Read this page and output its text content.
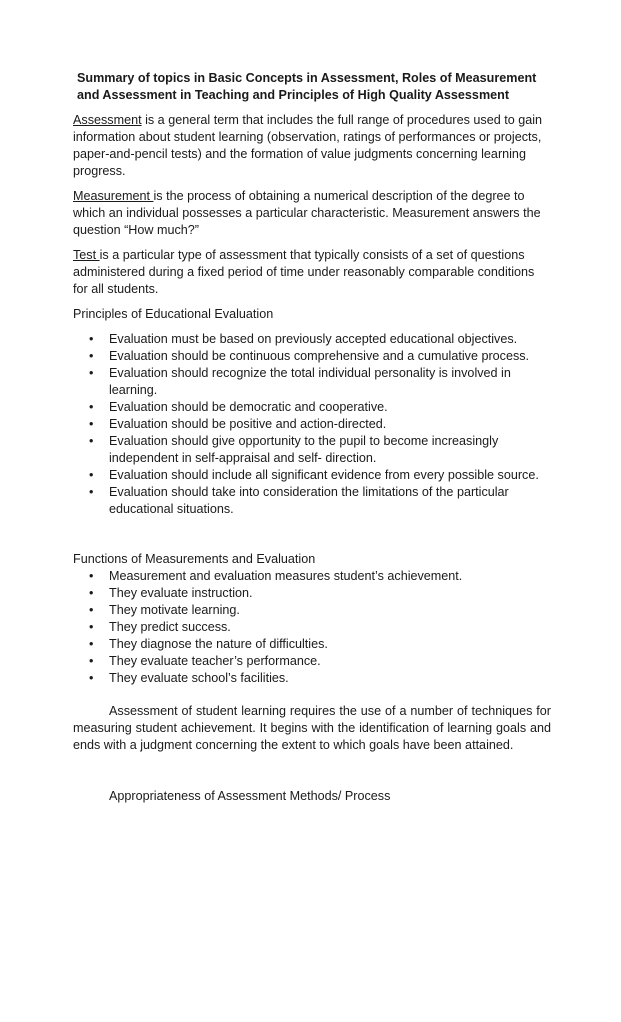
Summary of topics in Basic Concepts in Assessment, Roles of Measurement and Assessment in Teaching and Principles of High Quality Assessment

Assessment is a general term that includes the full range of procedures used to gain information about student learning (observation, ratings of performances or projects, paper-and-pencil tests) and the formation of value judgments concerning learning progress.

Measurement is the process of obtaining a numerical description of the degree to which an individual possesses a particular characteristic. Measurement answers the question “How much?”

Test is a particular type of assessment that typically consists of a set of questions administered during a fixed period of time under reasonably comparable conditions for all students.

Principles of Educational Evaluation

• Evaluation must be based on previously accepted educational objectives.
• Evaluation should be continuous comprehensive and a cumulative process.
• Evaluation should recognize the total individual personality is involved in learning.
• Evaluation should be democratic and cooperative.
• Evaluation should be positive and action-directed.
• Evaluation should give opportunity to the pupil to become increasingly independent in self-appraisal and self- direction.
• Evaluation should include all significant evidence from every possible source.
• Evaluation should take into consideration the limitations of the particular educational situations.

Functions of Measurements and Evaluation

• Measurement and evaluation measures student’s achievement.
• They evaluate instruction.
• They motivate learning.
• They predict success.
• They diagnose the nature of difficulties.
• They evaluate teacher’s performance.
• They evaluate school’s facilities.

Assessment of student learning requires the use of a number of techniques for measuring student achievement. It begins with the identification of learning goals and ends with a judgment concerning the extent to which goals have been attained.

Appropriateness of Assessment Methods/ Process
